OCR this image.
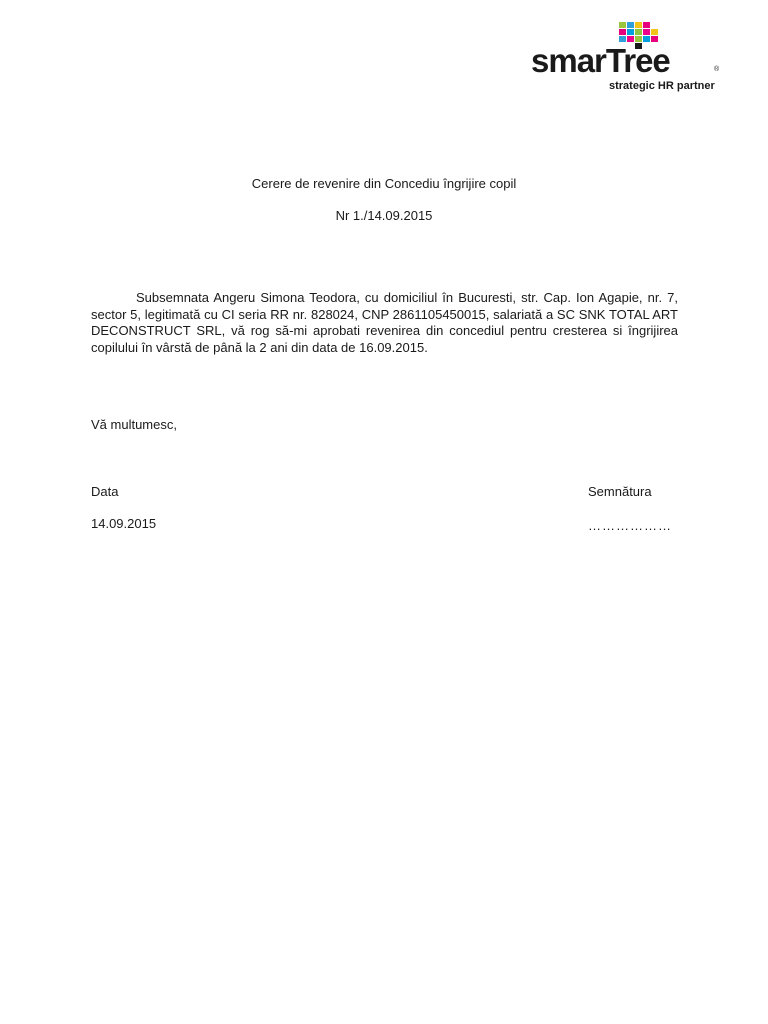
smarTree	®
strategic HR partner
Cerere de revenire din Concediu îngrijire copil
Nr 1./14.09.2015
Subsemnata Angeru Simona Teodora, cu domiciliul în Bucuresti, str. Cap. Ion Agapie, nr. 7, sector 5, legitimată cu CI seria RR nr. 828024, CNP 2861105450015, salariată a SC SNK TOTAL ART DECONSTRUCT SRL, vă rog să-mi aprobati revenirea din concediul pentru cresterea si îngrijirea copilului în vârstă de până la 2 ani din data de 16.09.2015.
Vă multumesc,
Data
14.09.2015
Semnătura
………………
